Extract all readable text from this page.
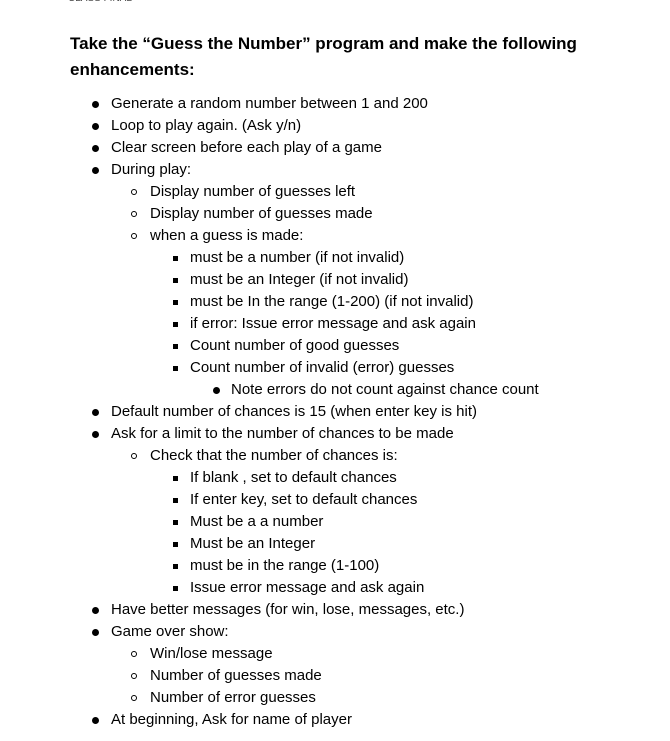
Take the “Guess the Number” program and make the following enhancements:
Generate a random number between 1 and 200
Loop to play again. (Ask y/n)
Clear screen before each play of a game
During play:
Display number of guesses left
Display number of guesses made
when a guess is made:
must be a number (if not invalid)
must be an Integer (if not invalid)
must be In the range (1-200) (if not invalid)
if error: Issue error message and ask again
Count number of good guesses
Count number of invalid (error) guesses
Note errors do not count against chance count
Default number of chances is 15 (when enter key is hit)
Ask for a limit to the number of chances to be made
Check that the number of chances is:
If blank , set to default chances
If enter key, set to default chances
Must be a a number
Must be an Integer
must be in the range (1-100)
Issue error message and ask again
Have better messages (for win, lose, messages, etc.)
Game over show:
Win/lose message
Number of guesses made
Number of error guesses
At beginning, Ask for name of player
